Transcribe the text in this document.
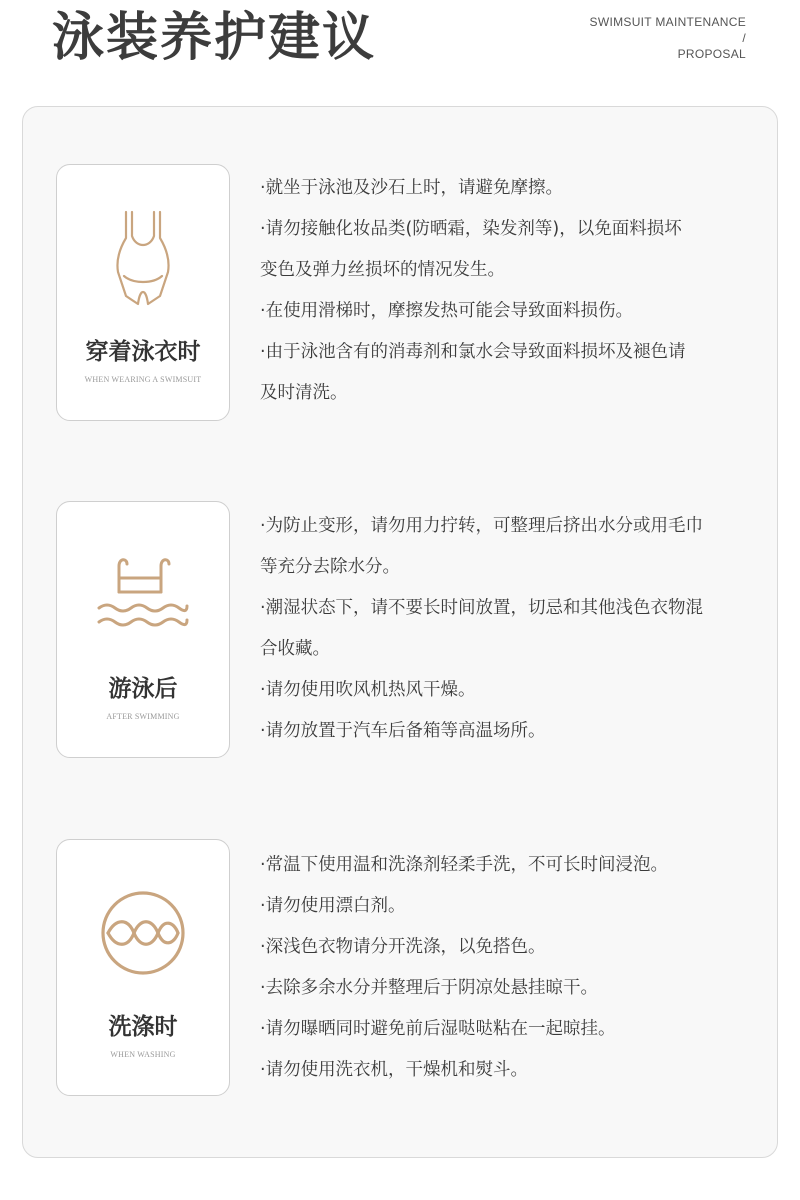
泳装养护建议	SWIMSUIT MAINTENANCE
/
PROPOSAL
穿着泳衣时
WHEN WEARING A SWIMSUIT
·就坐于泳池及沙石上时，请避免摩擦。
·请勿接触化妆品类(防晒霜，染发剂等)，以免面料损坏
变色及弹力丝损坏的情况发生。
·在使用滑梯时，摩擦发热可能会导致面料损伤。
·由于泳池含有的消毒剂和氯水会导致面料损坏及褪色请
及时清洗。
游泳后
AFTER SWIMMING
·为防止变形，请勿用力拧转，可整理后挤出水分或用毛巾
等充分去除水分。
·潮湿状态下，请不要长时间放置，切忌和其他浅色衣物混
合收藏。
·请勿使用吹风机热风干燥。
·请勿放置于汽车后备箱等高温场所。
洗涤时
WHEN WASHING
·常温下使用温和洗涤剂轻柔手洗，不可长时间浸泡。
·请勿使用漂白剂。
·深浅色衣物请分开洗涤，以免搭色。
·去除多余水分并整理后于阴凉处悬挂晾干。
·请勿曝晒同时避免前后湿哒哒粘在一起晾挂。
·请勿使用洗衣机，干燥机和熨斗。
